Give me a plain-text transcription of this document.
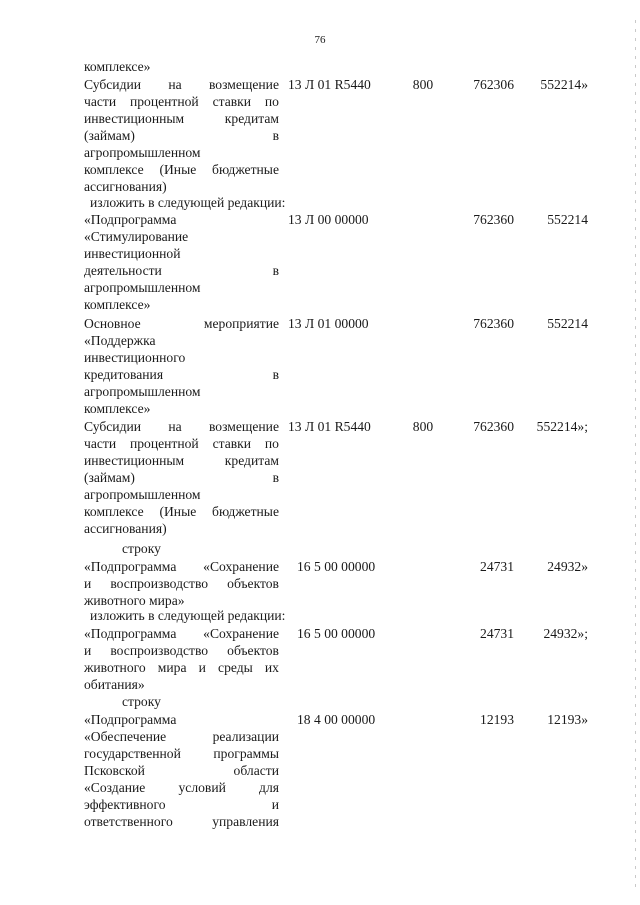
76
комплексе»
Субсидии на возмещение
части процентной ставки по
инвестиционным	кредитам
(займам)	в
агропромышленном
комплексе (Иные бюджетные
ассигнования)
13 Л 01 R5440	800	762306 552214»
изложить в следующей редакции:
«Подпрограмма
«Стимулирование
инвестиционной
деятельности	в
агропромышленном
комплексе»
13 Л 00 00000	762360 552214
Основное	мероприятие
«Поддержка
инвестиционного
кредитования	в
агропромышленном
комплексе»
13 Л 01 00000	762360 552214
Субсидии на возмещение
части процентной ставки по
инвестиционным	кредитам
(займам)	в
агропромышленном
комплексе (Иные бюджетные
ассигнования)
13 Л 01 R5440	800	762360 552214»;
строку
«Подпрограмма «Сохранение
и воспроизводство объектов
животного мира»
16 5 00 00000	24731 24932»
изложить в следующей редакции:
«Подпрограмма «Сохранение
и воспроизводство объектов
животного мира и среды их
обитания»
16 5 00 00000	24731 24932»;
строку
«Подпрограмма
«Обеспечение	реализации
государственной программы
Псковской	области
«Создание условий для
эффективного	и
ответственного	управления
18 4 00 00000	12193 12193»
